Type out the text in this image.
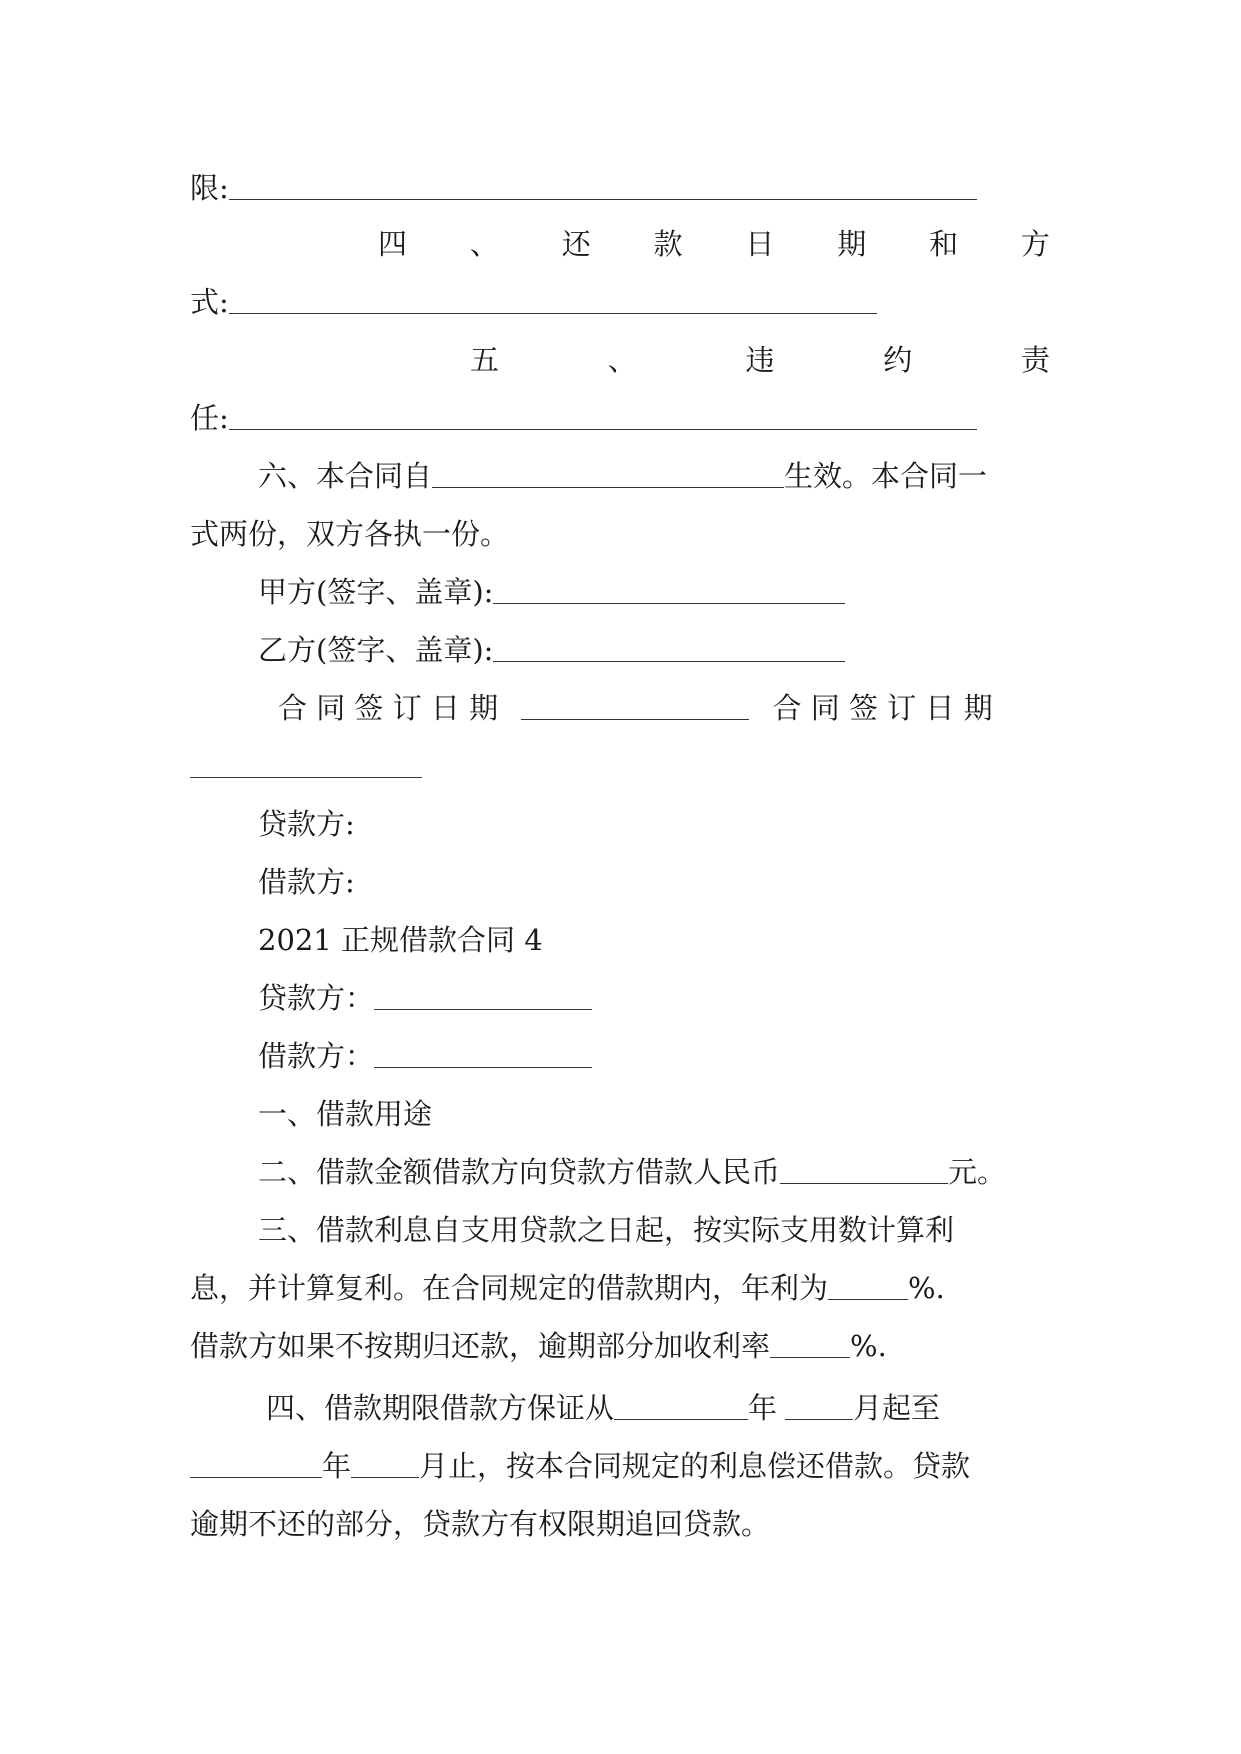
限:
四 、 还 款 日 期 和 方
式:
五	、	违	约	责
任:
六、本合同自	生效。本合同一
式两份，双方各执一份。
甲方(签字、盖章):
乙方(签字、盖章):
合 同 签 订 日 期	合 同 签 订 日 期
贷款方:
借款方:
2021 正规借款合同 4
贷款方：
借款方：
一、借款用途
二、借款金额借款方向贷款方借款人民币	元。
三、借款利息自支用贷款之日起，按实际支用数计算利
息，并计算复利。在合同规定的借款期内，年利为	%.
借款方如果不按期归还款，逾期部分加收利率	%.
四、借款期限借款方保证从	年	月起至
年 月止，按本合同规定的利息偿还借款。贷款
逾期不还的部分，贷款方有权限期追回贷款。
